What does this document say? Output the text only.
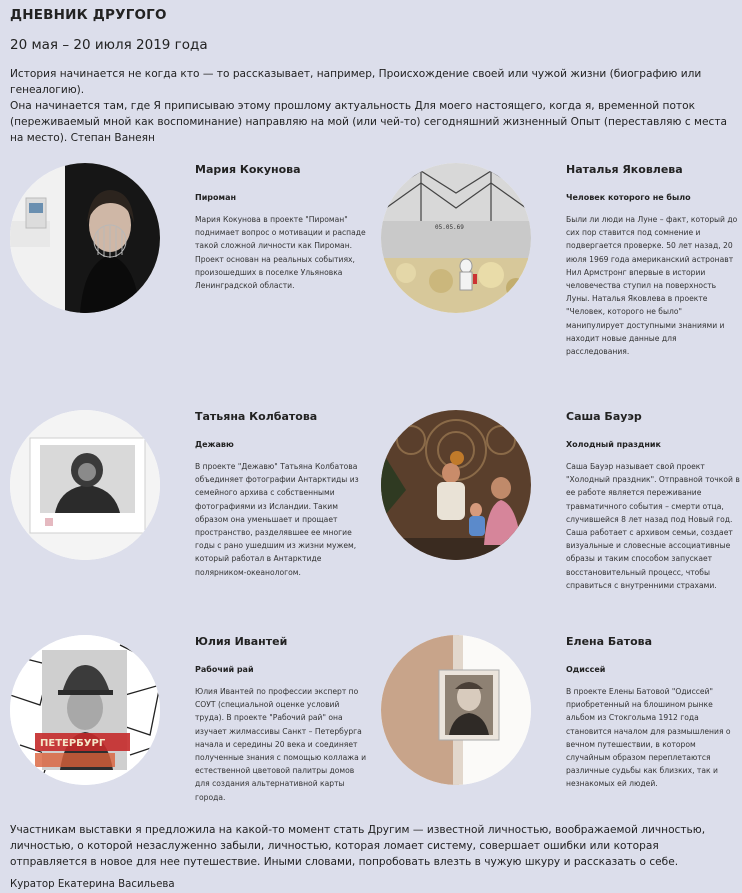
ДНЕВНИК ДРУГОГО
20 мая – 20 июля 2019 года

История начинается не когда кто — то рассказывает, например, Происхождение своей или чужой жизни (биографию или генеалогию).

Она начинается там, где Я приписываю этому прошлому актуальность Для моего настоящего, когда я, временной поток (переживаемый мной как воспоминание) направляю на мой (или чей-то) сегодняшний жизненный Опыт (переставляю с места на место). Степан Ванеян

Мария Кокунова
Пироман
Мария Кокунова в проекте "Пироман" поднимает вопрос о мотивации и распаде такой сложной личности как Пироман. Проект основан на реальных событиях, произошедших в поселке Ульяновка Ленинградской области.
05.05.69
Наталья Яковлева
Человек которого не было
Были ли люди на Луне – факт, который до сих пор ставится под сомнение и подвергается проверке. 50 лет назад, 20 июля 1969 года американский астронавт Нил Армстронг впервые в истории человечества ступил на поверхность Луны. Наталья Яковлева в проекте "Человек, которого не было" манипулирует доступными знаниями и находит новые данные для расследования.
Татьяна Колбатова
Дежавю
В проекте "Дежавю" Татьяна Колбатова объединяет фотографии Антарктиды из семейного архива с собственными фотографиями из Исландии. Таким образом она уменьшает и прощает пространство, разделявшее ее многие годы с рано ушедшим из жизни мужем, который работал в Антарктиде полярником-океанологом.
Саша Бауэр
Холодный праздник
Саша Бауэр называет свой проект "Холодный праздник". Отправной точкой в ее работе является переживание травматичного события – смерти отца, случившейся 8 лет назад под Новый год. Саша работает с архивом семьи, создает визуальные и словесные ассоциативные образы и таким способом запускает восстановительный процесс, чтобы справиться с внутренними страхами.
ПЕТЕРБУРГ
Юлия Ивантей
Рабочий рай
Юлия Ивантей по профессии эксперт по СОУТ (специальной оценке условий труда). В проекте "Рабочий рай" она изучает жилмассивы Санкт – Петербурга начала и середины 20 века и соединяет полученные знания с помощью коллажа и естественной цветовой палитры домов для создания альтернативной карты города.
Елена Батова
Одиссей
В проекте Елены Батовой "Одиссей" приобретенный на блошином рынке альбом из Стокгольма 1912 года становится началом для размышления о вечном путешествии, в котором случайным образом переплетаются различные судьбы как близких, так и незнакомых ей людей.

Участникам выставки я предложила на какой-то момент стать Другим — известной личностью, воображаемой личностью, личностью, о которой незаслуженно забыли, личностью, которая ломает систему, совершает ошибки или которая отправляется в новое для нее путешествие. Иными словами, попробовать влезть в чужую шкуру и рассказать о себе.

Куратор Екатерина Васильева
